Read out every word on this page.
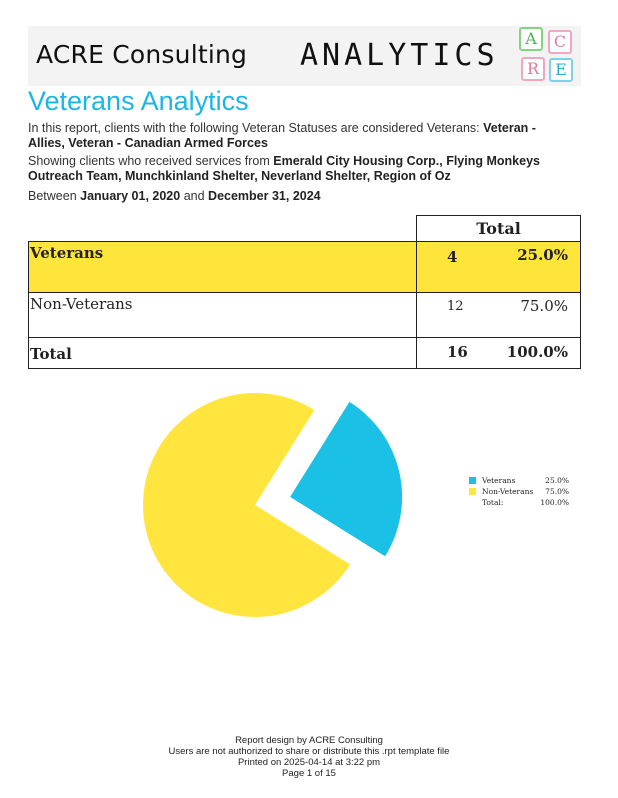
ACRE Consulting ANALYTICS	A	C
R	E
Veterans Analytics
In this report, clients with the following Veteran Statuses are considered Veterans: Veteran - Allies, Veteran - Canadian Armed Forces
Showing clients who received services from Emerald City Housing Corp., Flying Monkeys Outreach Team, Munchkinland Shelter, Neverland Shelter, Region of Oz
Between January 01, 2020 and December 31, 2024
	Total
Veterans	4 25.0%

Non-Veterans	12 75.0%

Total	16 100.0%
Veterans	25.0%
Non-Veterans 75.0%
Total:	100.0%
Report design by ACRE Consulting
Users are not authorized to share or distribute this .rpt template file
Printed on 2025-04-14 at 3:22 pm
Page 1 of 15
